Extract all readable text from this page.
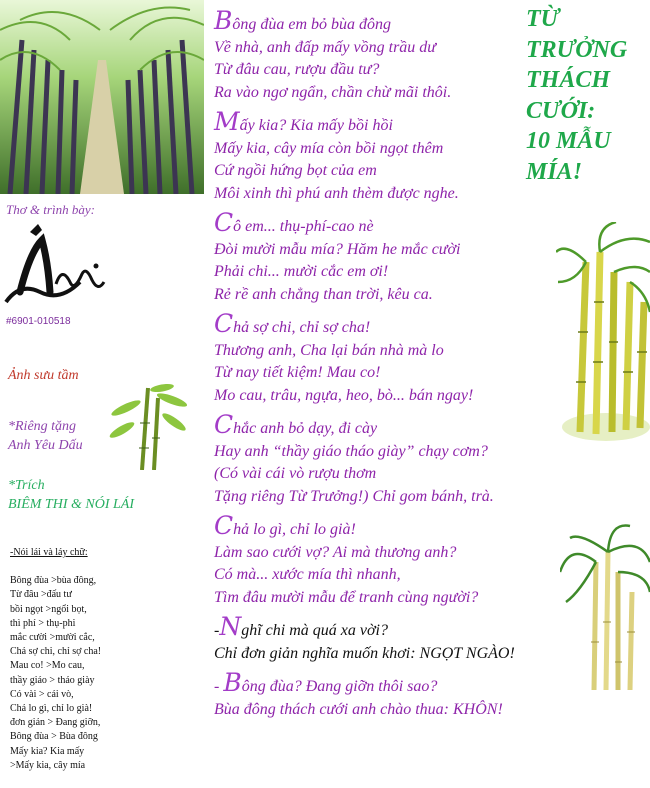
Thơ & trình bày:
#6901-010518
Ảnh sưu tầm
*Riêng tặng
Anh Yêu Dấu
*Trích
BIÊM THI & NÓI LÁI
-Nói lái và láy chữ:
Bông đùa >bùa đông,
Từ đâu >đấu tư
bồi ngọt >ngổi bọt,
thì phí > thụ-phi
mắc cười >mười cắc,
Chả sợ chi, chỉ sợ cha!
Mau co! >Mo cau,
thầy giáo > tháo giày
Có vài > cái vò,
Chả lo gì, chỉ lo già!
đơn giản > Đang giỡn,
Bông đùa > Bùa đông
Mấy kia? Kia mấy
>Mấy kia, cây mía
Bông đùa em bỏ bùa đông
Về nhà, anh đấp mấy vồng trầu dư
Từ đâu cau, rượu đầu tư?
Ra vào ngơ ngẩn, chần chừ mãi thôi.
Mấy kia? Kia mấy bồi hồi
Mấy kia, cây mía còn bồi ngọt thêm
Cứ ngồi hứng bọt của em
Môi xinh thì phú anh thèm được nghe.
Cô em... thụ-phí-cao nè
Đòi mười mẫu mía? Hăm he mắc cười
Phải chi... mười cắc em ơi!
Rẻ rề anh chẳng than trời, kêu ca.
Chả sợ chi, chỉ sợ cha!
Thương anh, Cha lại bán nhà mà lo
Từ nay tiết kiệm! Mau co!
Mo cau, trâu, ngựa, heo, bò... bán ngay!
Chắc anh bỏ dạy, đi cày
Hay anh “thầy giáo tháo giày” chạy cơm?
(Có vài cái vò rượu thơm
Tặng riêng Từ Trưởng!) Chỉ gom bánh, trà.
Chả lo gì, chỉ lo già!
Làm sao cưới vợ? Ai mà thương anh?
Có mà... xước mía thì nhanh,
Tìm đâu mười mẫu để tranh cùng người?
-Nghĩ chi mà quá xa vời?
Chỉ đơn giản nghĩa muốn khơi: NGỌT NGÀO!
- Bông đùa? Đang giỡn thôi sao?
Bùa đông thách cưới anh chào thua: KHÔN!
TỪ
TRƯỞNG
THÁCH
CƯỚI:
10 MẪU
MÍA!
